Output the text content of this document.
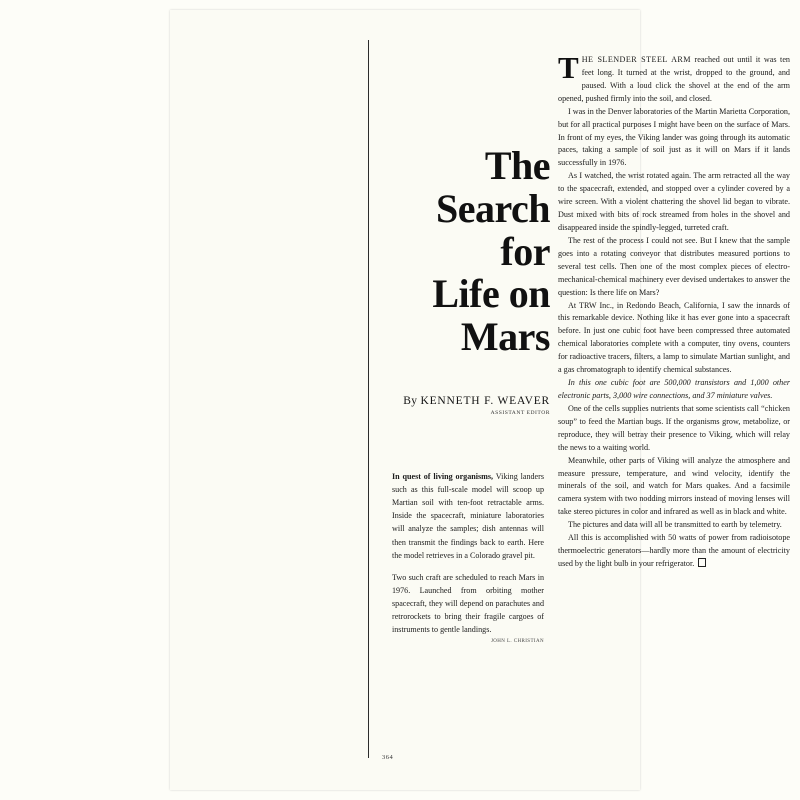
The
Search
for
Life on
Mars
By KENNETH F. WEAVER
ASSISTANT EDITOR

In quest of living organisms, Viking landers such as this full-scale model will scoop up Martian soil with ten-foot retractable arms. Inside the spacecraft, miniature laboratories will analyze the samples; dish antennas will then transmit the findings back to earth. Here the model retrieves in a Colorado gravel pit.

Two such craft are scheduled to reach Mars in 1976. Launched from orbiting mother spacecraft, they will depend on parachutes and retrorockets to bring their fragile cargoes of instruments to gentle landings.
JOHN L. CHRISTIAN

THE SLENDER STEEL ARM reached out until it was ten feet long. It turned at the wrist, dropped to the ground, and paused. With a loud click the shovel at the end of the arm opened, pushed firmly into the soil, and closed.

I was in the Denver laboratories of the Martin Marietta Corporation, but for all practical purposes I might have been on the surface of Mars. In front of my eyes, the Viking lander was going through its automatic paces, taking a sample of soil just as it will on Mars if it lands successfully in 1976.

As I watched, the wrist rotated again. The arm retracted all the way to the spacecraft, extended, and stopped over a cylinder covered by a wire screen. With a violent chattering the shovel lid began to vibrate. Dust mixed with bits of rock streamed from holes in the shovel and disappeared inside the spindly-legged, turreted craft.

The rest of the process I could not see. But I knew that the sample goes into a rotating conveyor that distributes measured portions to several test cells. Then one of the most complex pieces of electro-mechanical-chemical machinery ever devised undertakes to answer the question: Is there life on Mars?

At TRW Inc., in Redondo Beach, California, I saw the innards of this remarkable device. Nothing like it has ever gone into a spacecraft before. In just one cubic foot have been compressed three automated chemical laboratories complete with a computer, tiny ovens, counters for radioactive tracers, filters, a lamp to simulate Martian sunlight, and a gas chromatograph to identify chemical substances.

In this one cubic foot are 500,000 transistors and 1,000 other electronic parts, 3,000 wire connections, and 37 miniature valves.

One of the cells supplies nutrients that some scientists call “chicken soup” to feed the Martian bugs. If the organisms grow, metabolize, or reproduce, they will betray their presence to Viking, which will relay the news to a waiting world.

Meanwhile, other parts of Viking will analyze the atmosphere and measure pressure, temperature, and wind velocity, identify the minerals of the soil, and watch for Mars quakes. And a facsimile camera system with two nodding mirrors instead of moving lenses will take stereo pictures in color and infrared as well as in black and white.

The pictures and data will all be transmitted to earth by telemetry.

All this is accomplished with 50 watts of power from radioisotope thermoelectric generators—hardly more than the amount of electricity used by the light bulb in your refrigerator.

364
